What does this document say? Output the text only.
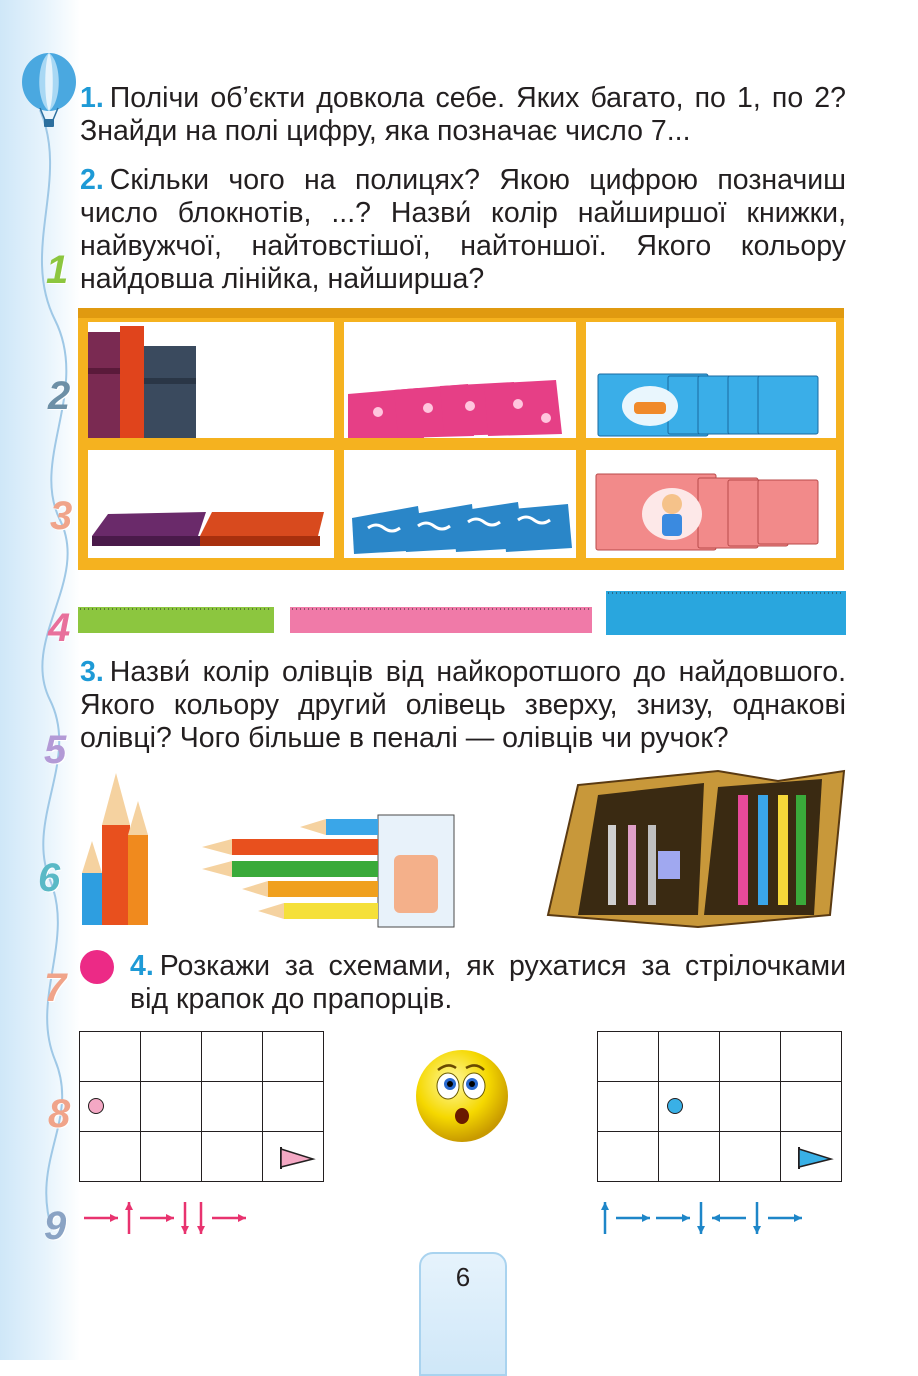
1
2
3
4
5
6
7
8
9
1. Полічи об’єкти довкола себе. Яких багато, по 1, по 2? Знайди на полі цифру, яка позначає число 7...
2. Скільки чого на полицях? Якою цифрою позначиш число блокнотів, ...? Назви́ колір найширшої книжки, найвужчої, найтовстішої, найтоншої. Якого кольору найдовша лінійка, найширша?
3. Назви́ колір олівців від найкоротшого до найдовшого. Якого кольору другий олівець зверху, знизу, однакові олівці? Чого більше в пеналі — олівців чи ручок?
4. Розкажи за схемами, як рухатися за стрілочками від крапок до прапорців.
6
